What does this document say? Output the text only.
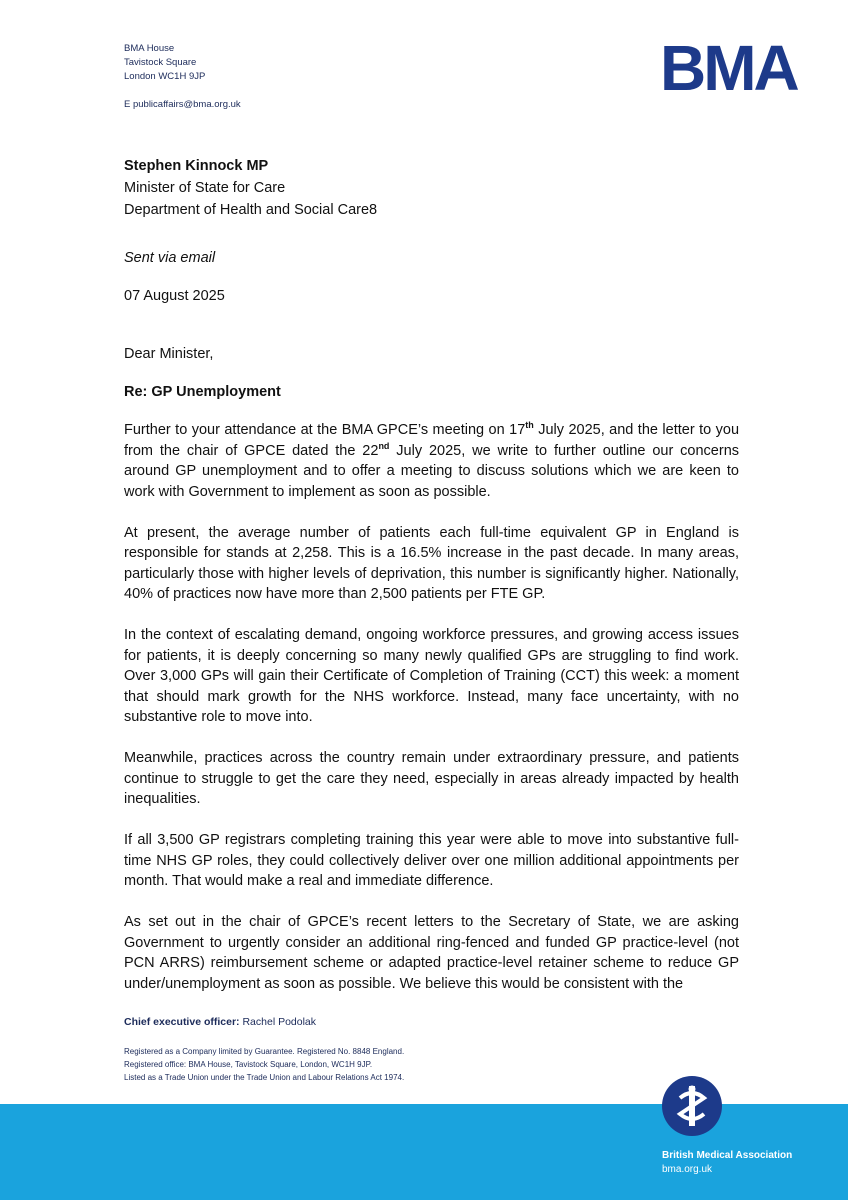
BMA House
Tavistock Square
London WC1H 9JP
E publicaffairs@bma.org.uk
BMA
Stephen Kinnock MP
Minister of State for Care
Department of Health and Social Care8
Sent via email
07 August 2025
Dear Minister,
Re: GP Unemployment

Further to your attendance at the BMA GPCE’s meeting on 17th July 2025, and the letter to you from the chair of GPCE dated the 22nd July 2025, we write to further outline our concerns around GP unemployment and to offer a meeting to discuss solutions which we are keen to work with Government to implement as soon as possible.

At present, the average number of patients each full-time equivalent GP in England is responsible for stands at 2,258. This is a 16.5% increase in the past decade. In many areas, particularly those with higher levels of deprivation, this number is significantly higher. Nationally, 40% of practices now have more than 2,500 patients per FTE GP.

In the context of escalating demand, ongoing workforce pressures, and growing access issues for patients, it is deeply concerning so many newly qualified GPs are struggling to find work. Over 3,000 GPs will gain their Certificate of Completion of Training (CCT) this week: a moment that should mark growth for the NHS workforce. Instead, many face uncertainty, with no substantive role to move into.

Meanwhile, practices across the country remain under extraordinary pressure, and patients continue to struggle to get the care they need, especially in areas already impacted by health inequalities.

If all 3,500 GP registrars completing training this year were able to move into substantive full-time NHS GP roles, they could collectively deliver over one million additional appointments per month. That would make a real and immediate difference.

As set out in the chair of GPCE’s recent letters to the Secretary of State, we are asking Government to urgently consider an additional ring-fenced and funded GP practice-level (not PCN ARRS) reimbursement scheme or adapted practice-level retainer scheme to reduce GP under/unemployment as soon as possible. We believe this would be consistent with the

Chief executive officer: Rachel Podolak
Registered as a Company limited by Guarantee. Registered No. 8848 England.
Registered office: BMA House, Tavistock Square, London, WC1H 9JP.
Listed as a Trade Union under the Trade Union and Labour Relations Act 1974.
British Medical Association
bma.org.uk
